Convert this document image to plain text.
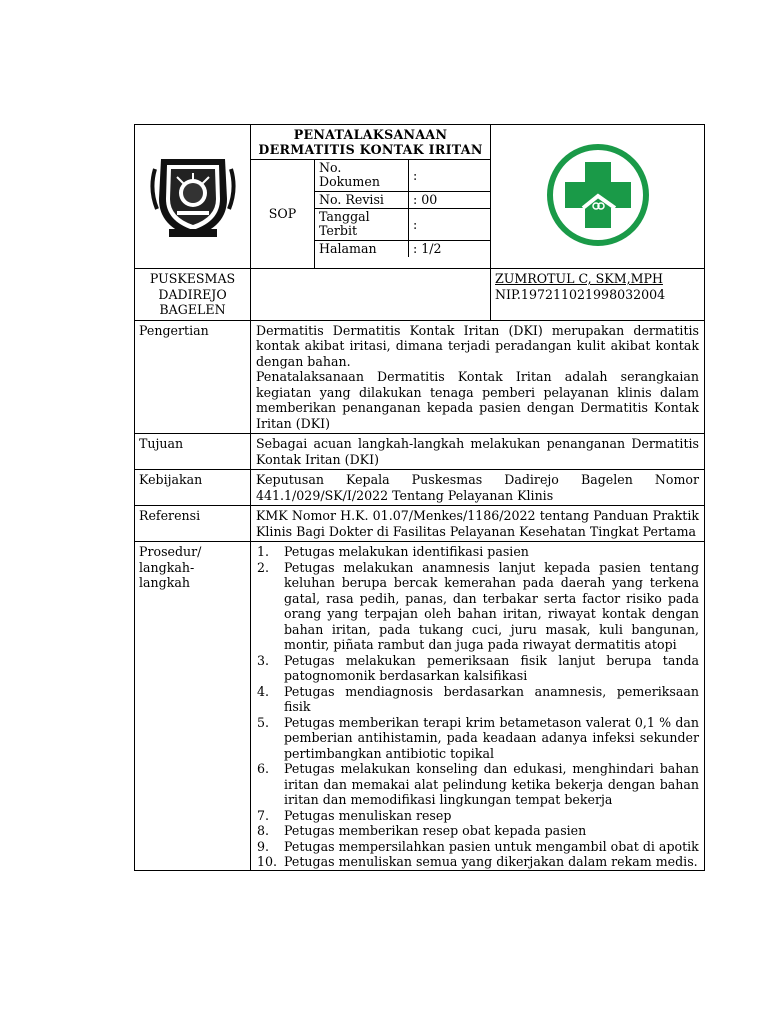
	PENATALAKSANAAN DERMATITIS KONTAK IRITAN	
SOP	
No. Dokumen	:
No. Revisi	: 00
Tanggal Terbit	:
Halaman	: 1/2

PUSKESMAS DADIREJO BAGELEN		
ZUMROTUL C, SKM,MPH
NIP.197211021998032004

Pengertian	Dermatitis Dermatitis Kontak Iritan (DKI) merupakan dermatitis kontak akibat iritasi, dimana terjadi peradangan kulit akibat kontak dengan bahan.

Penatalaksanaan Dermatitis Kontak Iritan adalah serangkaian kegiatan yang dilakukan tenaga pemberi pelayanan klinis dalam memberikan penanganan kepada pasien dengan Dermatitis Kontak Iritan (DKI)

Tujuan	Sebagai acuan langkah-langkah melakukan penanganan Dermatitis Kontak Iritan (DKI)
Kebijakan	Keputusan Kepala Puskesmas Dadirejo Bagelen Nomor 441.1/029/SK/I/2022 Tentang Pelayanan Klinis
Referensi	KMK Nomor H.K. 01.07/Menkes/1186/2022 tentang Panduan Praktik Klinis Bagi Dokter di Fasilitas Pelayanan Kesehatan Tingkat Pertama
Prosedur/ langkah-langkah	
1.	Petugas melakukan identifikasi pasien
2.	Petugas melakukan anamnesis lanjut kepada pasien tentang keluhan berupa bercak kemerahan pada daerah yang terkena gatal, rasa pedih, panas, dan terbakar serta factor risiko pada orang yang terpajan oleh bahan iritan, riwayat kontak dengan bahan iritan, pada tukang cuci, juru masak, kuli bangunan, montir, piñata rambut dan juga pada riwayat dermatitis atopi
3.	Petugas melakukan pemeriksaan fisik lanjut berupa tanda patognomonik berdasarkan kalsifikasi
4.	Petugas mendiagnosis berdasarkan anamnesis, pemeriksaan fisik
5.	Petugas memberikan terapi krim betametason valerat 0,1 % dan pemberian antihistamin, pada keadaan adanya infeksi sekunder pertimbangkan antibiotic topikal
6.	Petugas melakukan konseling dan edukasi, menghindari bahan iritan dan memakai alat pelindung ketika bekerja dengan bahan iritan dan memodifikasi lingkungan tempat bekerja
7.	Petugas menuliskan resep
8.	Petugas memberikan resep obat kepada pasien
9.	Petugas mempersilahkan pasien untuk mengambil obat di apotik
10. Petugas menuliskan semua yang dikerjakan dalam rekam medis.
